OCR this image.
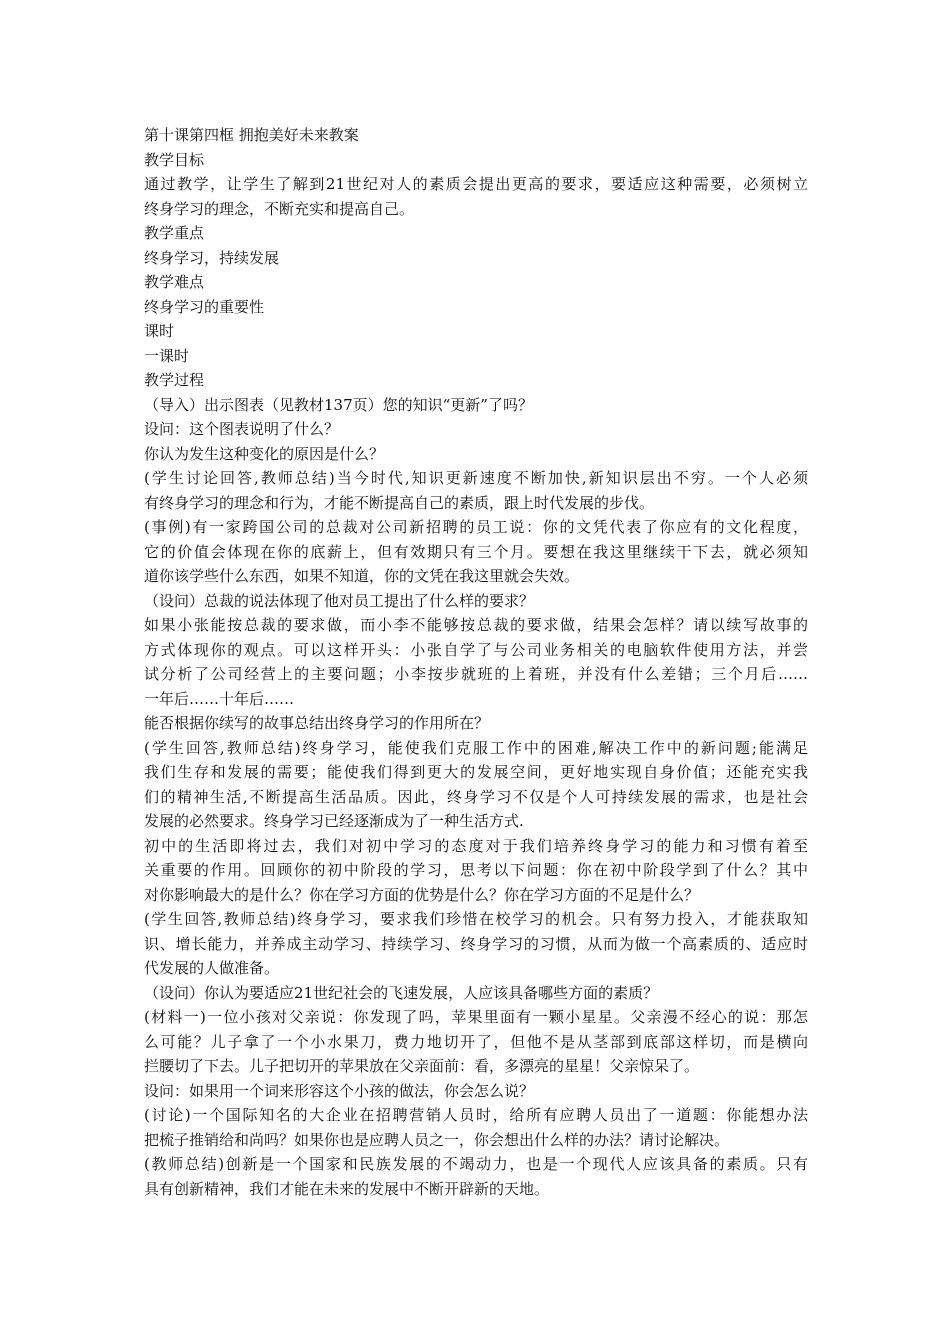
第十课第四框 拥抱美好未来教案
教学目标
通过教学，让学生了解到21世纪对人的素质会提出更高的要求，要适应这种需要，必须树立
终身学习的理念，不断充实和提高自己。
教学重点
终身学习，持续发展
教学难点
终身学习的重要性
课时
一课时
教学过程
（导入）出示图表（见教材137页）您的知识“更新”了吗？
设问：这个图表说明了什么？
你认为发生这种变化的原因是什么？
(学生讨论回答,教师总结)当今时代,知识更新速度不断加快,新知识层出不穷。一个人必须
有终身学习的理念和行为，才能不断提高自己的素质，跟上时代发展的步伐。
(事例)有一家跨国公司的总裁对公司新招聘的员工说：你的文凭代表了你应有的文化程度，
它的价值会体现在你的底薪上，但有效期只有三个月。要想在我这里继续干下去，就必须知
道你该学些什么东西，如果不知道，你的文凭在我这里就会失效。
（设问）总裁的说法体现了他对员工提出了什么样的要求？
如果小张能按总裁的要求做，而小李不能够按总裁的要求做，结果会怎样？请以续写故事的
方式体现你的观点。可以这样开头：小张自学了与公司业务相关的电脑软件使用方法，并尝
试分析了公司经营上的主要问题；小李按步就班的上着班，并没有什么差错；三个月后……
一年后……十年后……
能否根据你续写的故事总结出终身学习的作用所在？
(学生回答,教师总结)终身学习，能使我们克服工作中的困难,解决工作中的新问题;能满足
我们生存和发展的需要；能使我们得到更大的发展空间，更好地实现自身价值；还能充实我
们的精神生活,不断提高生活品质。因此，终身学习不仅是个人可持续发展的需求，也是社会
发展的必然要求。终身学习已经逐渐成为了一种生活方式.
初中的生活即将过去，我们对初中学习的态度对于我们培养终身学习的能力和习惯有着至
关重要的作用。回顾你的初中阶段的学习，思考以下问题：你在初中阶段学到了什么？其中
对你影响最大的是什么？你在学习方面的优势是什么？你在学习方面的不足是什么？
(学生回答,教师总结)终身学习，要求我们珍惜在校学习的机会。只有努力投入，才能获取知
识、增长能力，并养成主动学习、持续学习、终身学习的习惯，从而为做一个高素质的、适应时
代发展的人做准备。
（设问）你认为要适应21世纪社会的飞速发展，人应该具备哪些方面的素质？
(材料一)一位小孩对父亲说：你发现了吗，苹果里面有一颗小星星。父亲漫不经心的说：那怎
么可能？儿子拿了一个小水果刀，费力地切开了，但他不是从茎部到底部这样切，而是横向
拦腰切了下去。儿子把切开的苹果放在父亲面前：看，多漂亮的星星！父亲惊呆了。
设问：如果用一个词来形容这个小孩的做法，你会怎么说？
(讨论)一个国际知名的大企业在招聘营销人员时，给所有应聘人员出了一道题：你能想办法
把梳子推销给和尚吗？如果你也是应聘人员之一，你会想出什么样的办法？请讨论解决。
(教师总结)创新是一个国家和民族发展的不竭动力，也是一个现代人应该具备的素质。只有
具有创新精神，我们才能在未来的发展中不断开辟新的天地。
